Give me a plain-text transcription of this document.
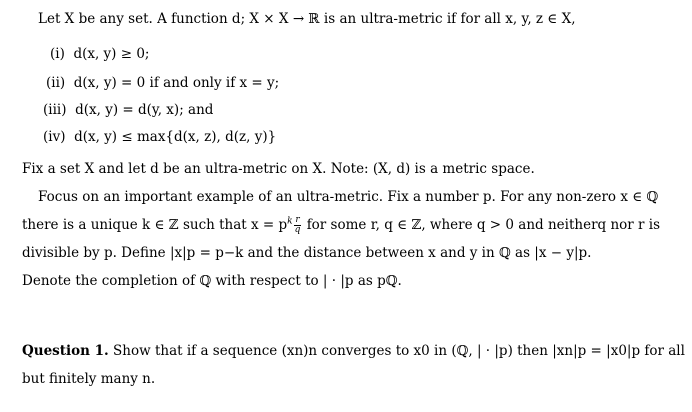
Let X be any set. A function d; X × X → ℝ is an ultra-metric if for all x, y, z ∈ X,
(i) d(x, y) ≥ 0;
(ii) d(x, y) = 0 if and only if x = y;
(iii) d(x, y) = d(y, x); and
(iv) d(x, y) ≤ max{d(x, z), d(z, y)}
Fix a set X and let d be an ultra-metric on X. Note: (X, d) is a metric space.
Focus on an important example of an ultra-metric. Fix a number p. For any non-zero x ∈ ℚ
there is a unique k ∈ ℤ such that $x = p^k \frac{r}{q}$ for some r, q ∈ ℤ, where q > 0 and neitherq nor r is
divisible by p. Define |x|p = p−k and the distance between x and y in ℚ as |x − y|p.
Denote the completion of ℚ with respect to | · |p as pℚ.
Question 1. Show that if a sequence (xn)n converges to x0 in (ℚ, | · |p) then |xn|p = |x0|p for all
but finitely many n.
